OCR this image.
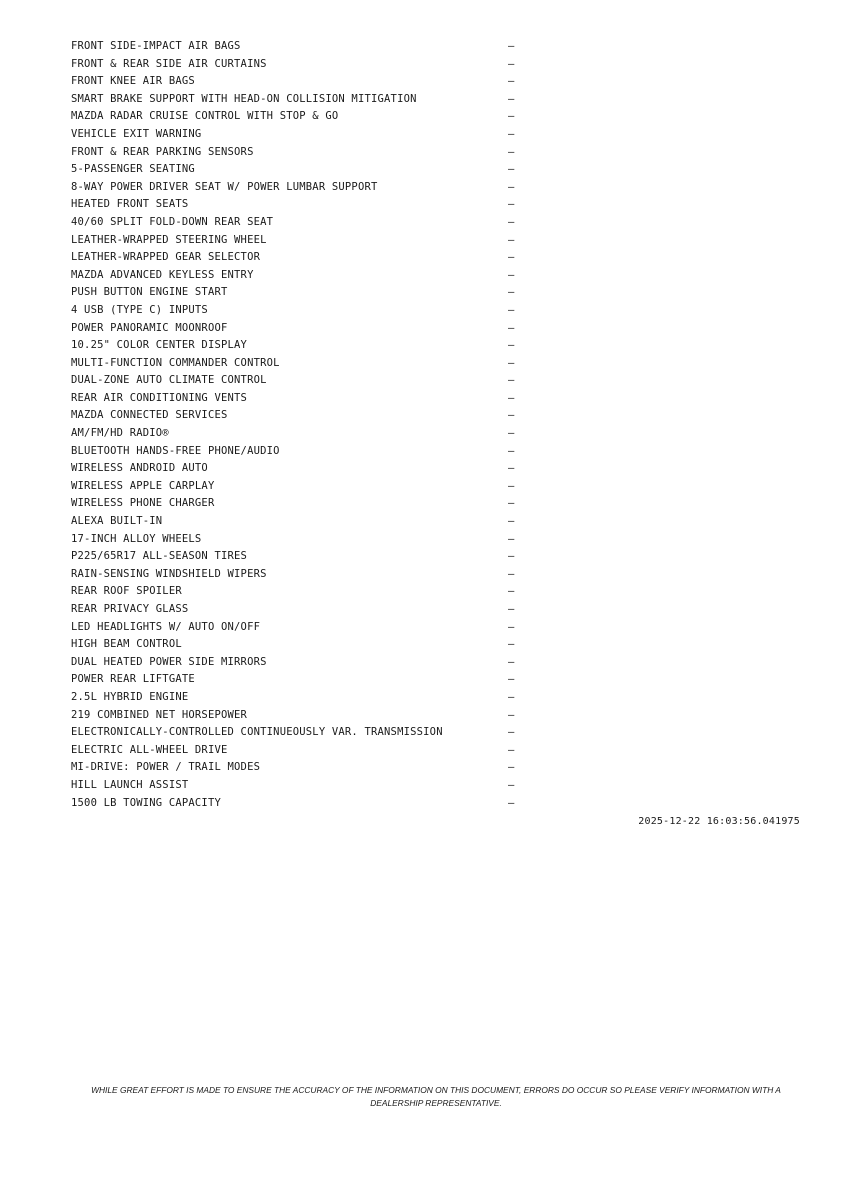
FRONT SIDE-IMPACT AIR BAGS	—
FRONT & REAR SIDE AIR CURTAINS	—
FRONT KNEE AIR BAGS	—
SMART BRAKE SUPPORT WITH HEAD-ON COLLISION MITIGATION	—
MAZDA RADAR CRUISE CONTROL WITH STOP & GO	—
VEHICLE EXIT WARNING	—
FRONT & REAR PARKING SENSORS	—
5-PASSENGER SEATING	—
8-WAY POWER DRIVER SEAT W/ POWER LUMBAR SUPPORT	—
HEATED FRONT SEATS	—
40/60 SPLIT FOLD-DOWN REAR SEAT	—
LEATHER-WRAPPED STEERING WHEEL	—
LEATHER-WRAPPED GEAR SELECTOR	—
MAZDA ADVANCED KEYLESS ENTRY	—
PUSH BUTTON ENGINE START	—
4 USB (TYPE C) INPUTS	—
POWER PANORAMIC MOONROOF	—
10.25" COLOR CENTER DISPLAY	—
MULTI-FUNCTION COMMANDER CONTROL	—
DUAL-ZONE AUTO CLIMATE CONTROL	—
REAR AIR CONDITIONING VENTS	—
MAZDA CONNECTED SERVICES	—
AM/FM/HD RADIO®	—
BLUETOOTH HANDS-FREE PHONE/AUDIO	—
WIRELESS ANDROID AUTO	—
WIRELESS APPLE CARPLAY	—
WIRELESS PHONE CHARGER	—
ALEXA BUILT-IN	—
17-INCH ALLOY WHEELS	—
P225/65R17 ALL-SEASON TIRES	—
RAIN-SENSING WINDSHIELD WIPERS	—
REAR ROOF SPOILER	—
REAR PRIVACY GLASS	—
LED HEADLIGHTS W/ AUTO ON/OFF	—
HIGH BEAM CONTROL	—
DUAL HEATED POWER SIDE MIRRORS	—
POWER REAR LIFTGATE	—
2.5L HYBRID ENGINE	—
219 COMBINED NET HORSEPOWER	—
ELECTRONICALLY-CONTROLLED CONTINUEOUSLY VAR. TRANSMISSION	—
ELECTRIC ALL-WHEEL DRIVE	—
MI-DRIVE: POWER / TRAIL MODES	—
HILL LAUNCH ASSIST	—
1500 LB TOWING CAPACITY	—
2025-12-22 16:03:56.041975
WHILE GREAT EFFORT IS MADE TO ENSURE THE ACCURACY OF THE INFORMATION ON THIS DOCUMENT, ERRORS DO OCCUR SO PLEASE VERIFY INFORMATION WITH A DEALERSHIP REPRESENTATIVE.
